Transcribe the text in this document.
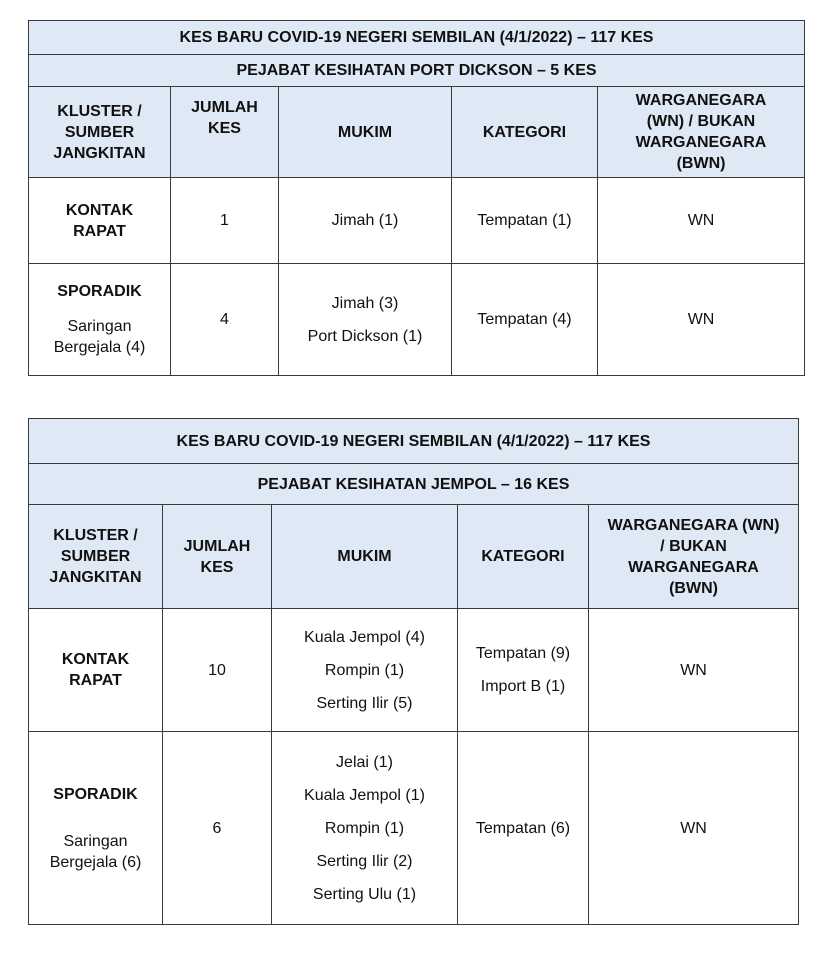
KES BARU COVID-19 NEGERI SEMBILAN (4/1/2022) – 117 KES				
PEJABAT KESIHATAN PORT DICKSON – 5 KES				

KLUSTER /
SUMBER
JANGKITAN	JUMLAH
KES	MUKIM	KATEGORI	WARGANEGARA
(WN) / BUKAN
WARGANEGARA
(BWN)

KONTAK
RAPAT	1	Jimah (1)	Tempatan (1)	WN

SPORADIK
Saringan
Bergejala (4)	4	Jimah (3)
Port Dickson (1)	Tempatan (4)	WN
KES BARU COVID-19 NEGERI SEMBILAN (4/1/2022) – 117 KES				
PEJABAT KESIHATAN JEMPOL – 16 KES				

KLUSTER /
SUMBER
JANGKITAN	JUMLAH
KES	MUKIM	KATEGORI	WARGANEGARA (WN)
/ BUKAN
WARGANEGARA
(BWN)

KONTAK
RAPAT	10	Kuala Jempol (4)
Rompin (1)
Serting Ilir (5)	Tempatan (9)
Import B (1)	WN

SPORADIK
Saringan
Bergejala (6)	6	Jelai (1)
Kuala Jempol (1)
Rompin (1)
Serting Ilir (2)
Serting Ulu (1)	Tempatan (6)	WN
